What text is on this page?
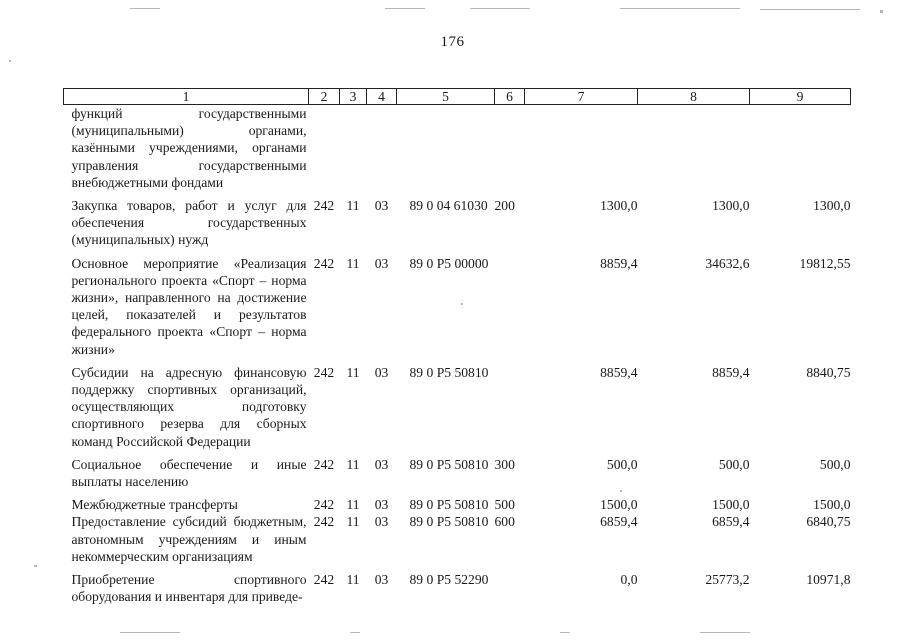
176
1	2	3	4	5	6	7	8	9
функций государственными (муниципальными) органами, казёнными учреждениями, органами управления государственными внебюджетными фондами								
Закупка товаров, работ и услуг для обеспечения государственных (муниципальных) нужд	242	11	03	89 0 04 61030	200	1300,0	1300,0	1300,0
Основное мероприятие «Реализация регионального проекта «Спорт – норма жизни», направленного на достижение целей, показателей и результатов федерального проекта «Спорт – норма жизни»	242	11	03	89 0 P5 00000		8859,4	34632,6	19812,55
Субсидии на адресную финансовую поддержку спортивных организаций, осуществляющих подготовку спортивного резерва для сборных команд Российской Федерации	242	11	03	89 0 P5 50810		8859,4	8859,4	8840,75
Социальное обеспечение и иные выплаты населению	242	11	03	89 0 P5 50810	300	500,0	500,0	500,0
Межбюджетные трансферты	242	11	03	89 0 P5 50810	500	1500,0	1500,0	1500,0
Предоставление субсидий бюджетным, автономным учреждениям и иным некоммерческим организациям	242	11	03	89 0 P5 50810	600	6859,4	6859,4	6840,75
Приобретение спортивного оборудования и инвентаря для приведе-	242	11	03	89 0 P5 52290		0,0	25773,2	10971,8
